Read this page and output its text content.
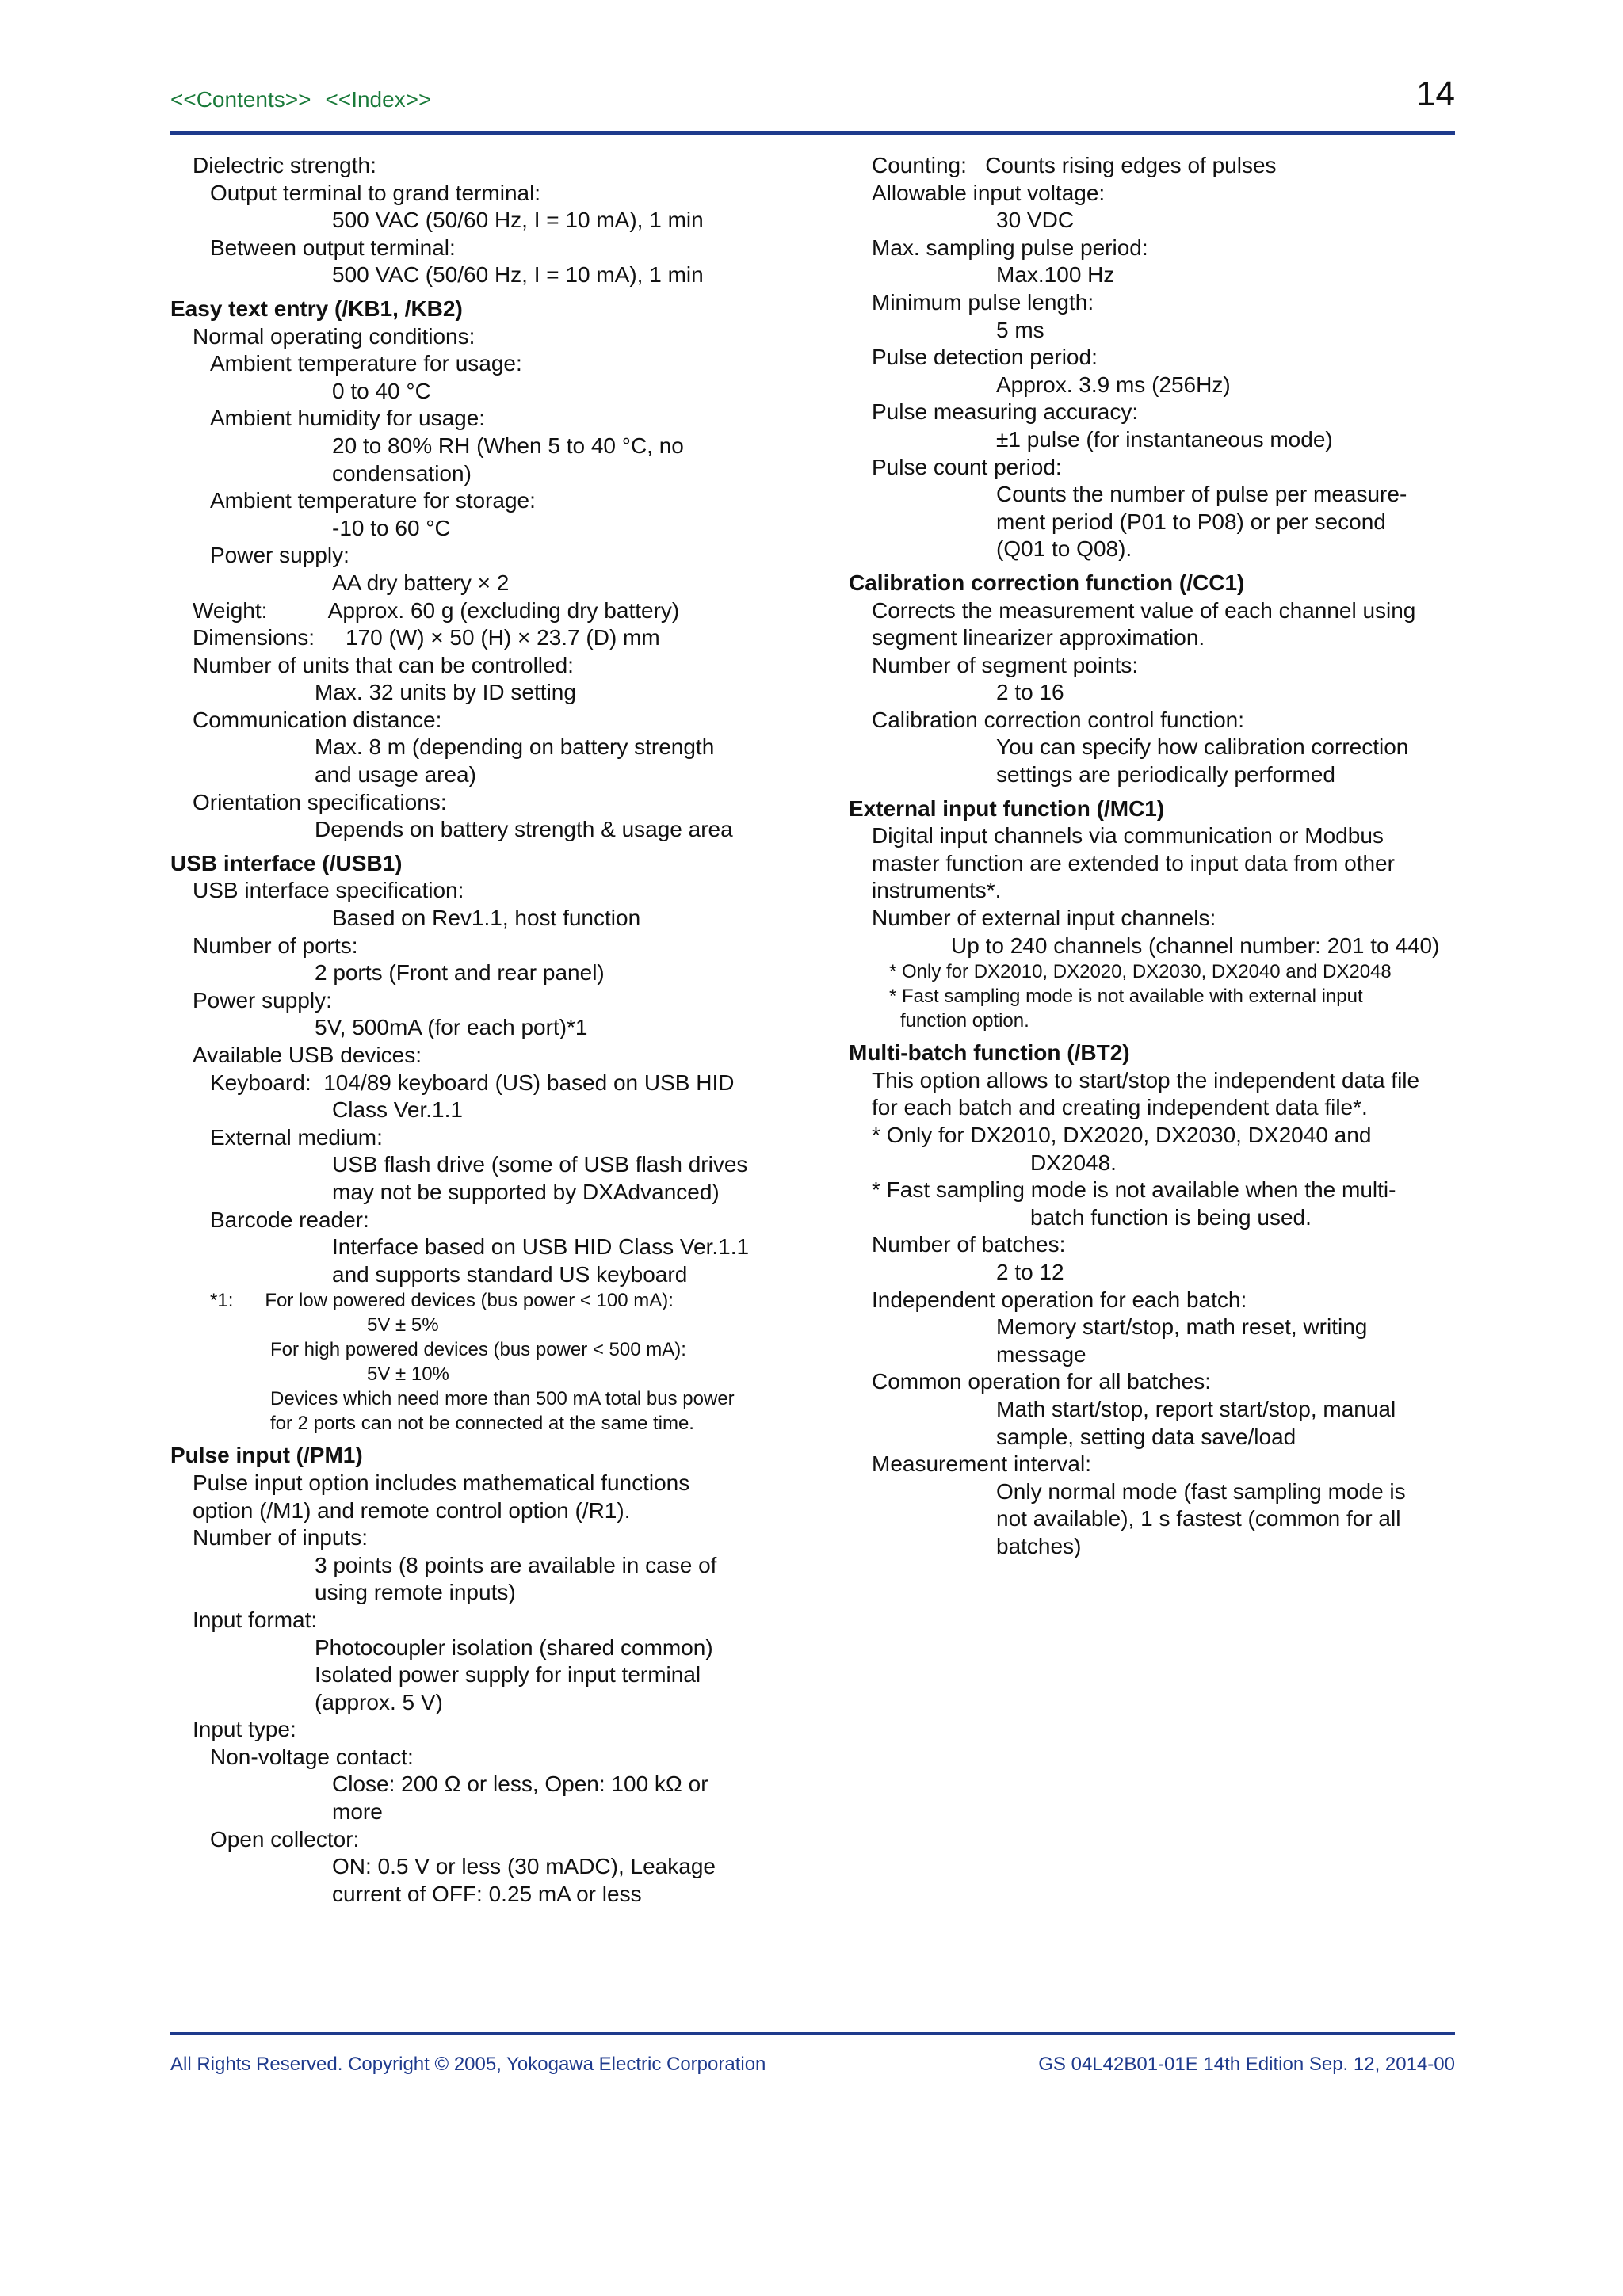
<<Contents>> <<Index>>	14
Dielectric strength:
Output terminal to grand terminal:
500 VAC (50/60 Hz, I = 10 mA), 1 min
Between output terminal:
500 VAC (50/60 Hz, I = 10 mA), 1 min
Easy text entry (/KB1, /KB2)
Normal operating conditions:
Ambient temperature for usage:
0 to 40 °C
Ambient humidity for usage:
20 to 80% RH (When 5 to 40 °C, no
condensation)
Ambient temperature for storage:
-10 to 60 °C
Power supply:
AA dry battery × 2
Weight:          Approx. 60 g (excluding dry battery)
Dimensions:     170 (W) × 50 (H) × 23.7 (D) mm
Number of units that can be controlled:
Max. 32 units by ID setting
Communication distance:
Max. 8 m (depending on battery strength
and usage area)
Orientation specifications:
Depends on battery strength & usage area
USB interface (/USB1)
USB interface specification:
Based on Rev1.1, host function
Number of ports:
2 ports (Front and rear panel)
Power supply:
5V, 500mA (for each port)*1
Available USB devices:
Keyboard:  104/89 keyboard (US) based on USB HID
Class Ver.1.1
External medium:
USB flash drive (some of USB flash drives
may not be supported by DXAdvanced)
Barcode reader:
Interface based on USB HID Class Ver.1.1
and supports standard US keyboard
*1:      For low powered devices (bus power < 100 mA):
5V ± 5%
For high powered devices (bus power < 500 mA):
5V ± 10%
Devices which need more than 500 mA total bus power
for 2 ports can not be connected at the same time.
Pulse input (/PM1)
Pulse input option includes mathematical functions
option (/M1) and remote control option (/R1).
Number of inputs:
3 points (8 points are available in case of
using remote inputs)
Input format:
Photocoupler isolation (shared common)
Isolated power supply for input terminal
(approx. 5 V)
Input type:
Non-voltage contact:
Close: 200 Ω or less, Open: 100 kΩ or
more
Open collector:
ON: 0.5 V or less (30 mADC), Leakage
current of OFF: 0.25 mA or less
Counting:   Counts rising edges of pulses
Allowable input voltage:
30 VDC
Max. sampling pulse period:
Max.100 Hz
Minimum pulse length:
5 ms
Pulse detection period:
Approx. 3.9 ms (256Hz)
Pulse measuring accuracy:
±1 pulse (for instantaneous mode)
Pulse count period:
Counts the number of pulse per measure-
ment period (P01 to P08) or per second
(Q01 to Q08).
Calibration correction function (/CC1)
Corrects the measurement value of each channel using
segment linearizer approximation.
Number of segment points:
2 to 16
Calibration correction control function:
You can specify how calibration correction
settings are periodically performed
External input function (/MC1)
Digital input channels via communication or Modbus
master function are extended to input data from other
instruments*.
Number of external input channels:
Up to 240 channels (channel number: 201 to 440)
* Only for DX2010, DX2020, DX2030, DX2040 and DX2048
* Fast sampling mode is not available with external input
function option.
Multi-batch function (/BT2)
This option allows to start/stop the independent data file
for each batch and creating independent data file*.
* Only for DX2010, DX2020, DX2030, DX2040 and
DX2048.
* Fast sampling mode is not available when the multi-
batch function is being used.
Number of batches:
2 to 12
Independent operation for each batch:
Memory start/stop, math reset, writing
message
Common operation for all batches:
Math start/stop, report start/stop, manual
sample, setting data save/load
Measurement interval:
Only normal mode (fast sampling mode is
not available), 1 s fastest (common for all
batches)
All Rights Reserved. Copyright © 2005, Yokogawa Electric Corporation	GS 04L42B01-01E 14th Edition Sep. 12, 2014-00
